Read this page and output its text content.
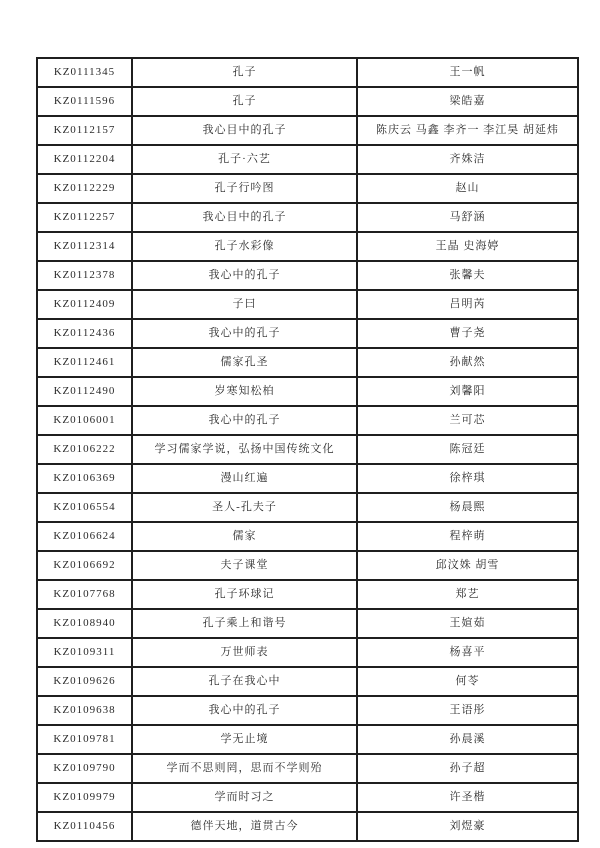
KZ0111345	孔子	王一帆
KZ0111596	孔子	梁皓嘉
KZ0112157	我心目中的孔子	陈庆云 马鑫 李齐一 李江昊 胡延炜
KZ0112204	孔子·六艺	齐姝洁
KZ0112229	孔子行吟图	赵山
KZ0112257	我心目中的孔子	马舒涵
KZ0112314	孔子水彩像	王晶 史海婷
KZ0112378	我心中的孔子	张馨夫
KZ0112409	子曰	吕明芮
KZ0112436	我心中的孔子	曹子尧
KZ0112461	儒家孔圣	孙献然
KZ0112490	岁寒知松柏	刘馨阳
KZ0106001	我心中的孔子	兰可芯
KZ0106222	学习儒家学说，弘扬中国传统文化	陈冠廷
KZ0106369	漫山红遍	徐梓琪
KZ0106554	圣人-孔夫子	杨晨熙
KZ0106624	儒家	程梓萌
KZ0106692	夫子课堂	邱汶姝 胡雪
KZ0107768	孔子环球记	郑艺
KZ0108940	孔子乘上和谐号	王媗茹
KZ0109311	万世师表	杨喜平
KZ0109626	孔子在我心中	何苓
KZ0109638	我心中的孔子	王语彤
KZ0109781	学无止境	孙晨溪
KZ0109790	学而不思则罔，思而不学则殆	孙子超
KZ0109979	学而时习之	许圣楷
KZ0110456	德伴天地，道贯古今	刘煜豪
